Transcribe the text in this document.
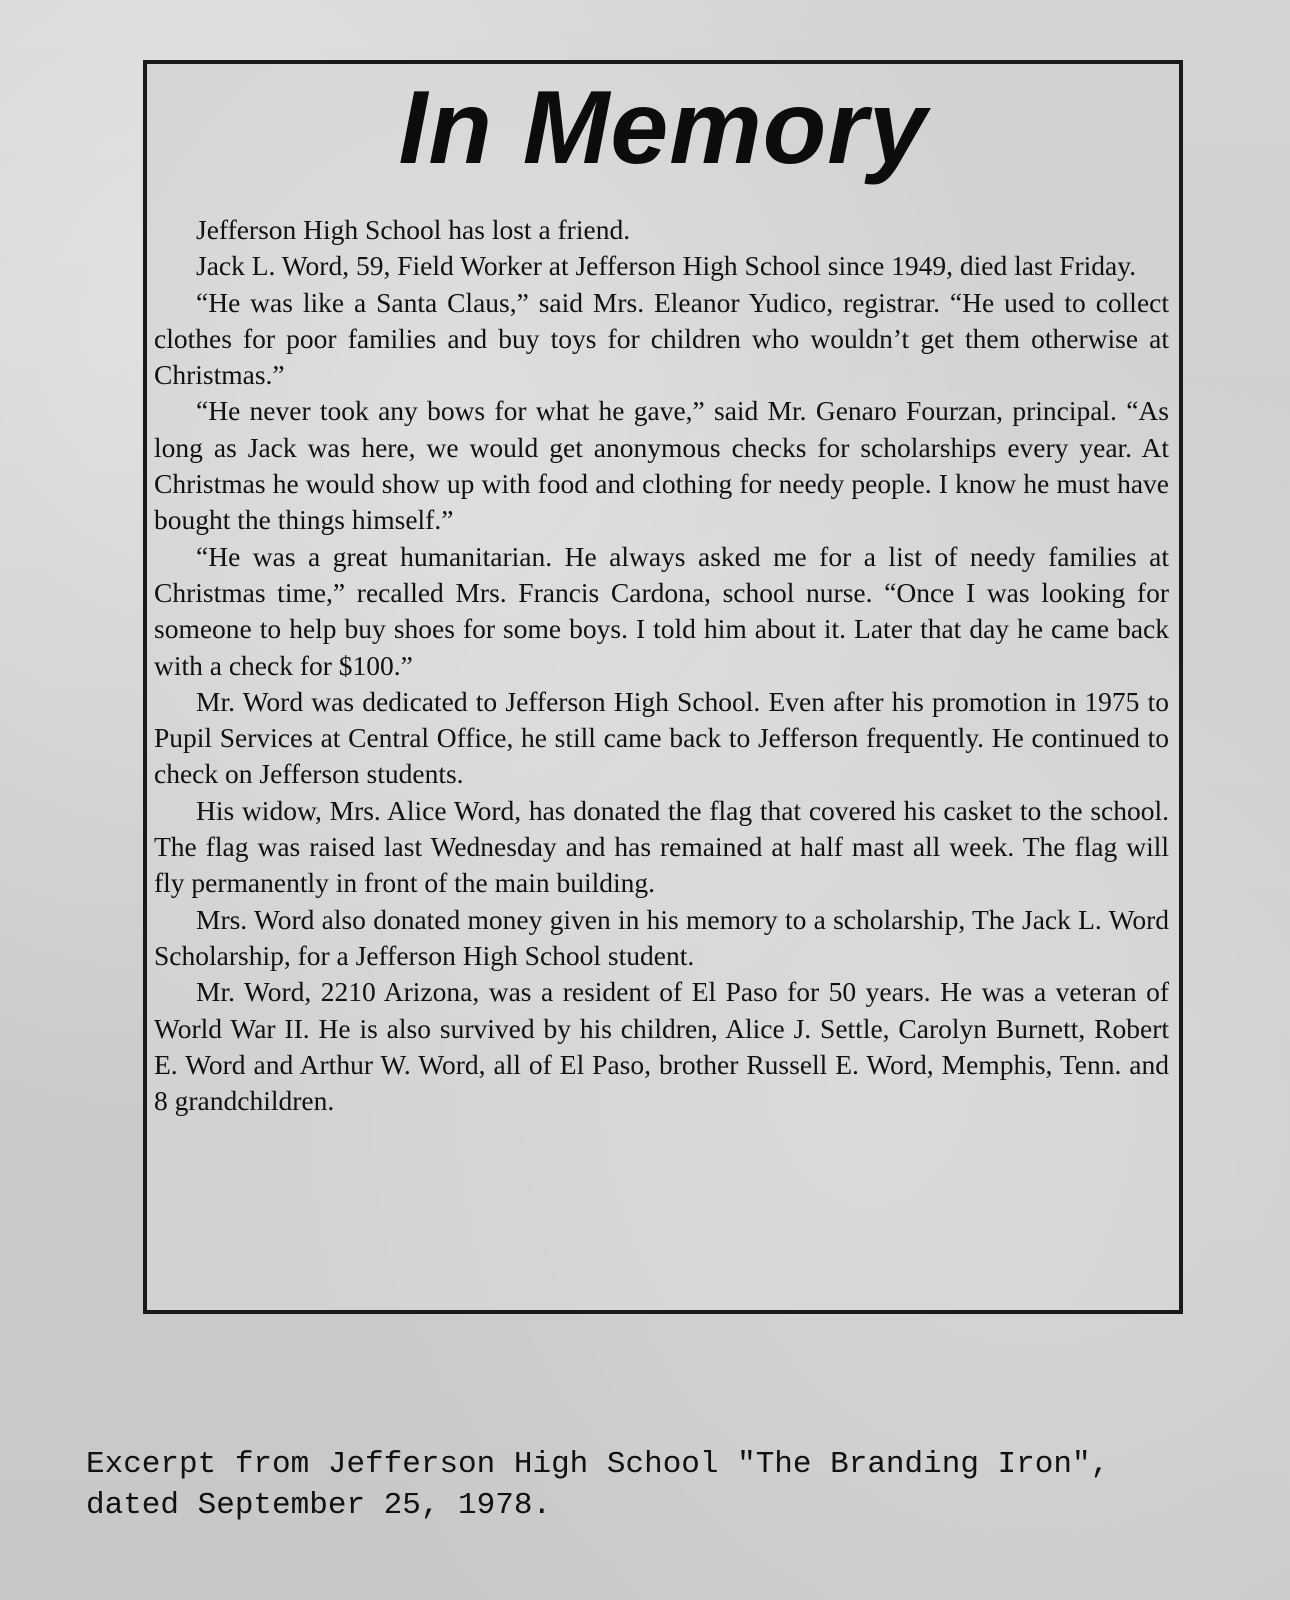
In Memory

Jefferson High School has lost a friend.

Jack L. Word, 59, Field Worker at Jefferson High School since 1949, died last Friday.

“He was like a Santa Claus,” said Mrs. Eleanor Yudico, registrar. “He used to collect clothes for poor families and buy toys for children who wouldn’t get them otherwise at Christmas.”

“He never took any bows for what he gave,” said Mr. Genaro Fourzan, principal. “As long as Jack was here, we would get anonymous checks for scholarships every year. At Christmas he would show up with food and clothing for needy people. I know he must have bought the things himself.”

“He was a great humanitarian. He always asked me for a list of needy families at Christmas time,” recalled Mrs. Francis Cardona, school nurse. “Once I was looking for someone to help buy shoes for some boys. I told him about it. Later that day he came back with a check for $100.”

Mr. Word was dedicated to Jefferson High School. Even after his promotion in 1975 to Pupil Services at Central Office, he still came back to Jefferson frequently. He continued to check on Jefferson students.

His widow, Mrs. Alice Word, has donated the flag that covered his casket to the school. The flag was raised last Wednesday and has remained at half mast all week. The flag will fly permanently in front of the main building.

Mrs. Word also donated money given in his memory to a scholarship, The Jack L. Word Scholarship, for a Jefferson High School student.

Mr. Word, 2210 Arizona, was a resident of El Paso for 50 years. He was a veteran of World War II. He is also survived by his children, Alice J. Settle, Carolyn Burnett, Robert E. Word and Arthur W. Word, all of El Paso, brother Russell E. Word, Memphis, Tenn. and 8 grandchildren.

Excerpt from Jefferson High School "The Branding Iron",
dated September 25, 1978.
